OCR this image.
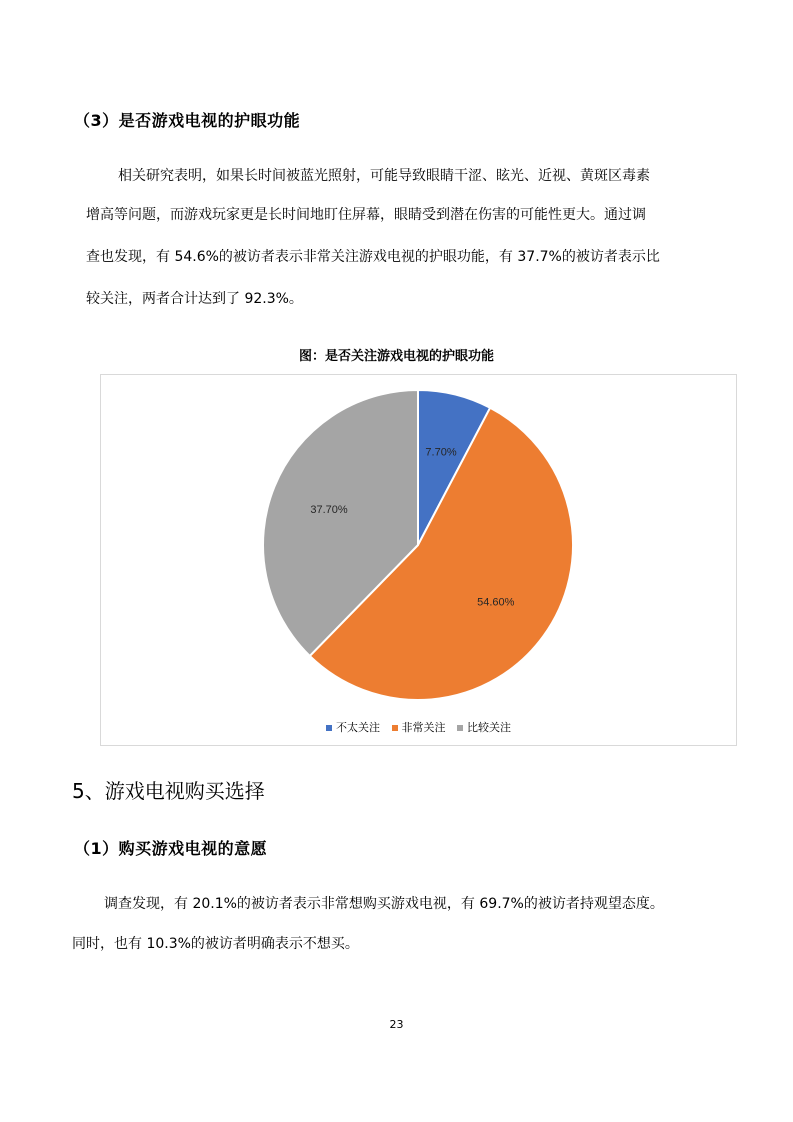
（3）是否游戏电视的护眼功能
相关研究表明，如果长时间被蓝光照射，可能导致眼睛干涩、眩光、近视、黄斑区毒素
增高等问题，而游戏玩家更是长时间地盯住屏幕，眼睛受到潜在伤害的可能性更大。通过调
查也发现，有 54.6%的被访者表示非常关注游戏电视的护眼功能，有 37.7%的被访者表示比
较关注，两者合计达到了 92.3%。
图：是否关注游戏电视的护眼功能
7.70%
54.60%
37.70%
不太关注 非常关注 比较关注
5、游戏电视购买选择
（1）购买游戏电视的意愿
调查发现，有 20.1%的被访者表示非常想购买游戏电视，有 69.7%的被访者持观望态度。
同时，也有 10.3%的被访者明确表示不想买。
23
